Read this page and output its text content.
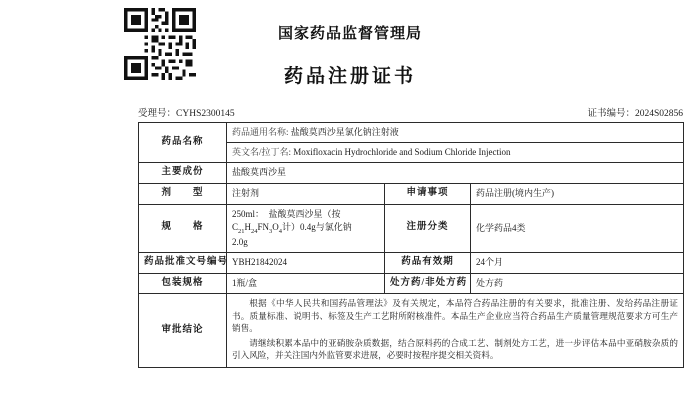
国家药品监督管理局
药品注册证书
受理号：CYHS2300145	证书编号：2024S02856
药品名称	药品通用名称: 盐酸莫西沙星氯化钠注射液		
	英文名/拉丁名: Moxifloxacin Hydrochloride and Sodium Chloride Injection		
主要成份	盐酸莫西沙星		
剂　　型	注射剂	申请事项	药品注册(境内生产)
规　　格	250ml：　盐酸莫西沙星（按
$C_{21}H_{24}FN_3O_4$计）0.4g与氯化钠
2.0g	注册分类	化学药品4类
药品批准文号编号	YBH21842024	药品有效期	24个月
包装规格	1瓶/盒	处方药/非处方药	处方药
审批结论	根据《中华人民共和国药品管理法》及有关规定，本品符合药品注册的有关要求，批准注册、发给药品注册证书。质量标准、说明书、标签及生产工艺附所附核准件。本品生产企业应当符合药品生产质量管理规范要求方可生产销售。

请继续积累本品中的亚硝胺杂质数据，结合原料药的合成工艺、制剂处方工艺，进一步评估本品中亚硝胺杂质的引入风险，并关注国内外监管要求进展，必要时按程序提交相关资料。		
